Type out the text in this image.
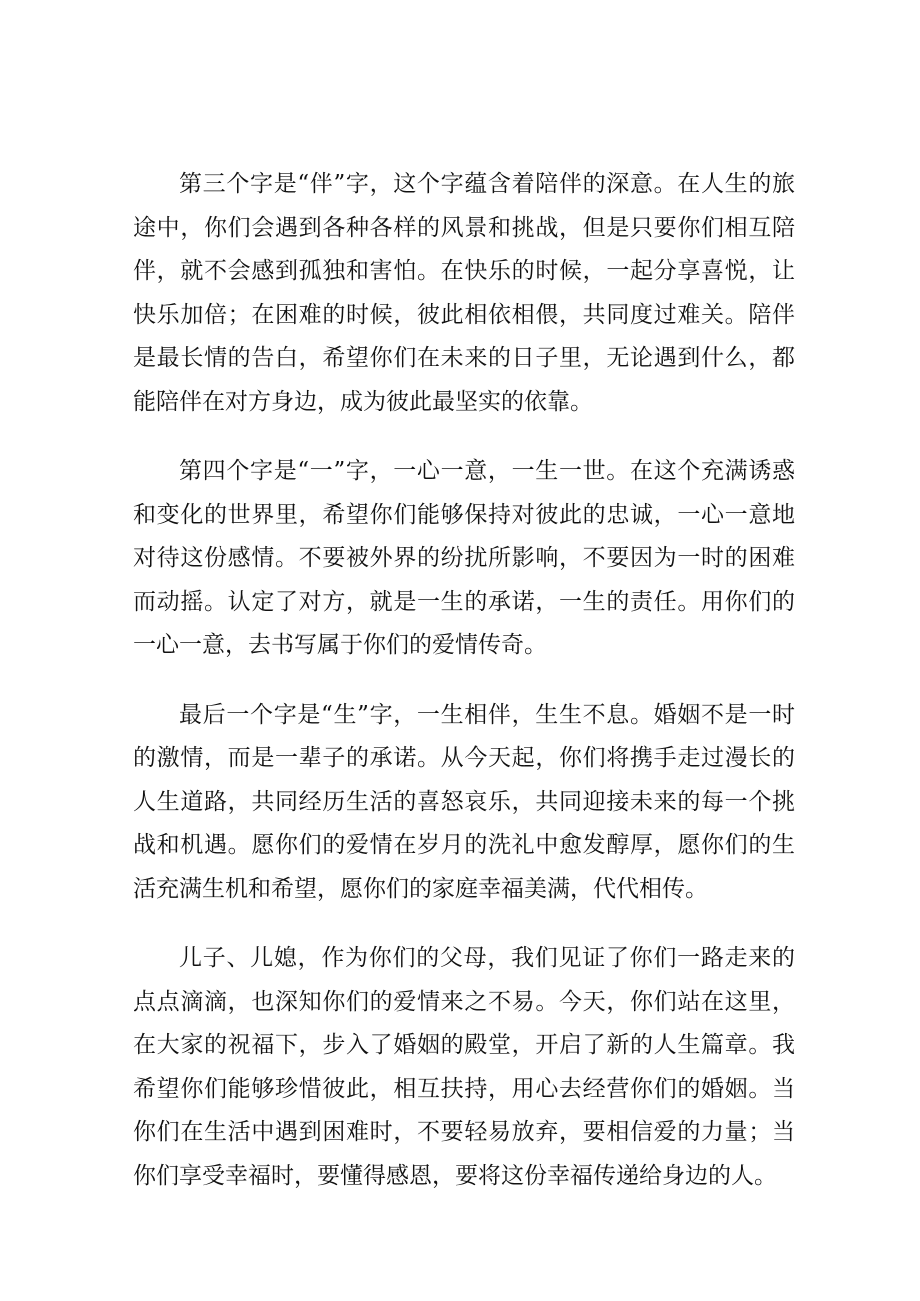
第三个字是“伴”字，这个字蕴含着陪伴的深意。在人生的旅途中，你们会遇到各种各样的风景和挑战，但是只要你们相互陪伴，就不会感到孤独和害怕。在快乐的时候，一起分享喜悦，让快乐加倍；在困难的时候，彼此相依相偎，共同度过难关。陪伴是最长情的告白，希望你们在未来的日子里，无论遇到什么，都能陪伴在对方身边，成为彼此最坚实的依靠。

第四个字是“一”字，一心一意，一生一世。在这个充满诱惑和变化的世界里，希望你们能够保持对彼此的忠诚，一心一意地对待这份感情。不要被外界的纷扰所影响，不要因为一时的困难而动摇。认定了对方，就是一生的承诺，一生的责任。用你们的一心一意，去书写属于你们的爱情传奇。

最后一个字是“生”字，一生相伴，生生不息。婚姻不是一时的激情，而是一辈子的承诺。从今天起，你们将携手走过漫长的人生道路，共同经历生活的喜怒哀乐，共同迎接未来的每一个挑战和机遇。愿你们的爱情在岁月的洗礼中愈发醇厚，愿你们的生活充满生机和希望，愿你们的家庭幸福美满，代代相传。

儿子、儿媳，作为你们的父母，我们见证了你们一路走来的点点滴滴，也深知你们的爱情来之不易。今天，你们站在这里，在大家的祝福下，步入了婚姻的殿堂，开启了新的人生篇章。我希望你们能够珍惜彼此，相互扶持，用心去经营你们的婚姻。当你们在生活中遇到困难时，不要轻易放弃，要相信爱的力量；当你们享受幸福时，要懂得感恩，要将这份幸福传递给身边的人。
